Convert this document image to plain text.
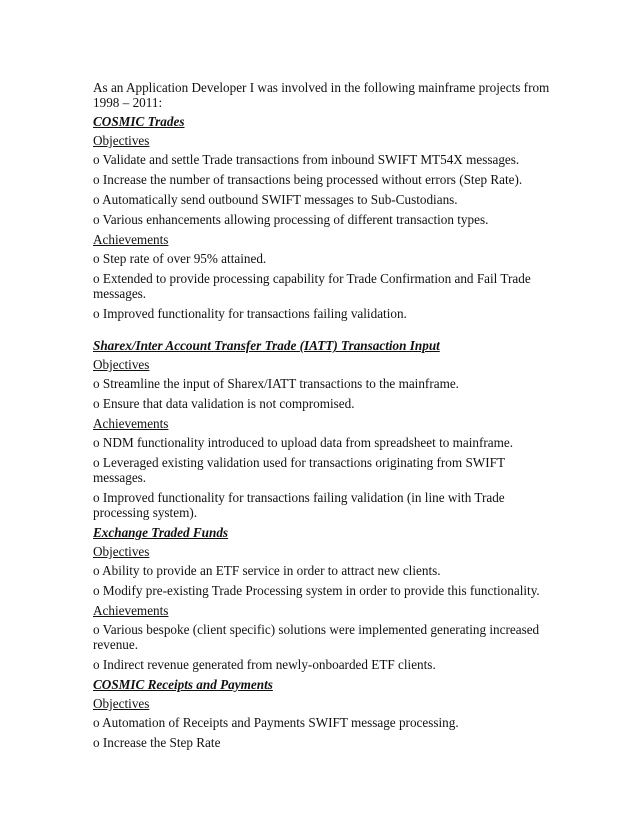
As an Application Developer I was involved in the following mainframe projects from 1998 – 2011:

COSMIC Trades

Objectives

o Validate and settle Trade transactions from inbound SWIFT MT54X messages.

o Increase the number of transactions being processed without errors (Step Rate).

o Automatically send outbound SWIFT messages to Sub-Custodians.

o Various enhancements allowing processing of different transaction types.

Achievements

o Step rate of over 95% attained.

o Extended to provide processing capability for Trade Confirmation and Fail Trade messages.

o Improved functionality for transactions failing validation.

Sharex/Inter Account Transfer Trade (IATT) Transaction Input

Objectives

o Streamline the input of Sharex/IATT transactions to the mainframe.

o Ensure that data validation is not compromised.

Achievements

o NDM functionality introduced to upload data from spreadsheet to mainframe.

o Leveraged existing validation used for transactions originating from SWIFT messages.

o Improved functionality for transactions failing validation (in line with Trade processing system).

Exchange Traded Funds

Objectives

o Ability to provide an ETF service in order to attract new clients.

o Modify pre-existing Trade Processing system in order to provide this functionality.

Achievements

o Various bespoke (client specific) solutions were implemented generating increased revenue.

o Indirect revenue generated from newly-onboarded ETF clients.

COSMIC Receipts and Payments

Objectives

o Automation of Receipts and Payments SWIFT message processing.

o Increase the Step Rate
